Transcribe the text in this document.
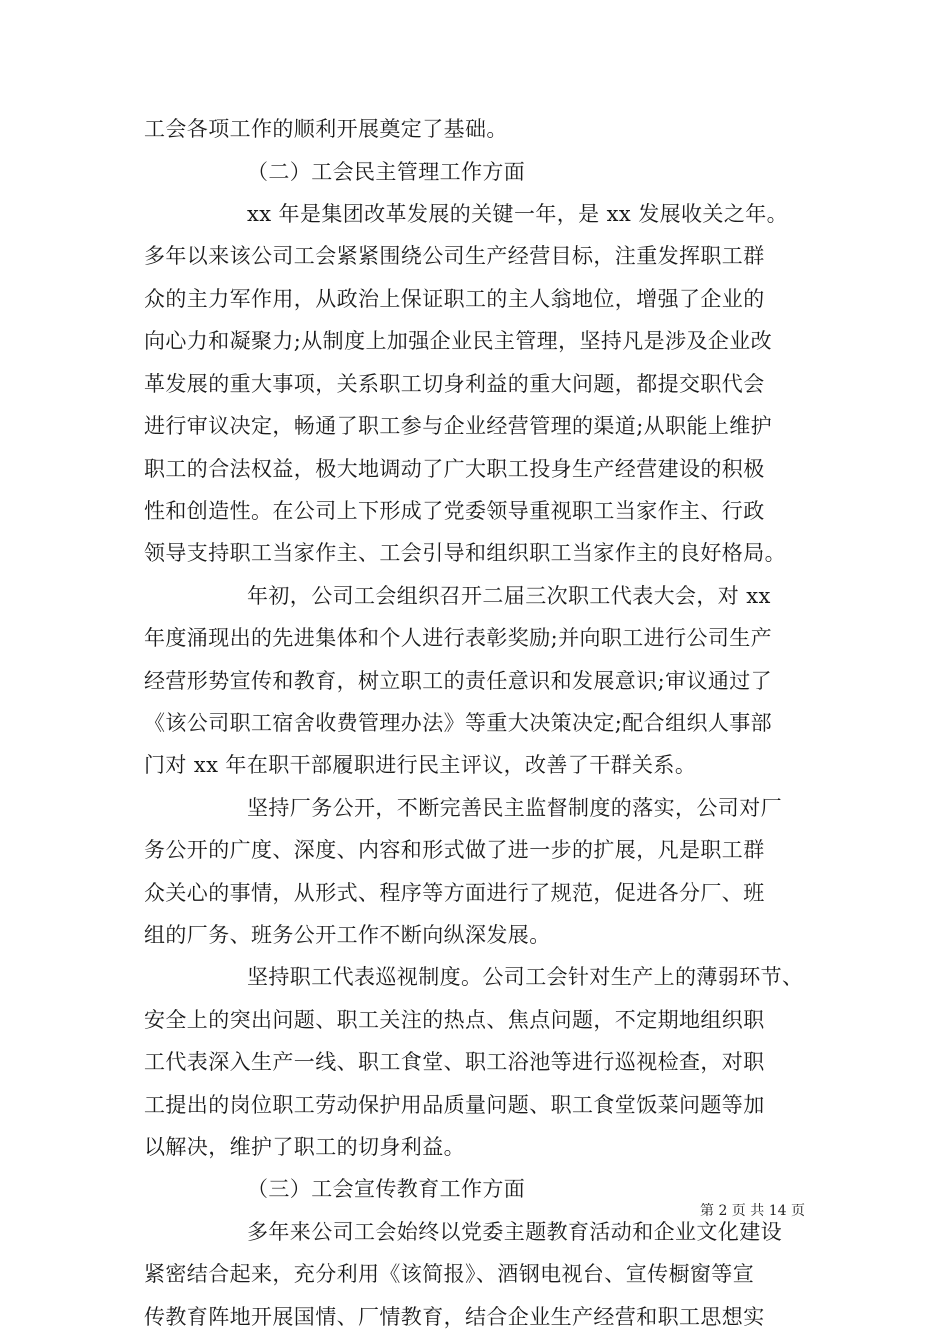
工会各项工作的顺利开展奠定了基础。
（二）工会民主管理工作方面
xx 年是集团改革发展的关键一年，是 xx 发展收关之年。
多年以来该公司工会紧紧围绕公司生产经营目标，注重发挥职工群
众的主力军作用，从政治上保证职工的主人翁地位，增强了企业的
向心力和凝聚力;从制度上加强企业民主管理，坚持凡是涉及企业改
革发展的重大事项，关系职工切身利益的重大问题，都提交职代会
进行审议决定，畅通了职工参与企业经营管理的渠道;从职能上维护
职工的合法权益，极大地调动了广大职工投身生产经营建设的积极
性和创造性。在公司上下形成了党委领导重视职工当家作主、行政
领导支持职工当家作主、工会引导和组织职工当家作主的良好格局。
年初，公司工会组织召开二届三次职工代表大会，对 xx
年度涌现出的先进集体和个人进行表彰奖励;并向职工进行公司生产
经营形势宣传和教育，树立职工的责任意识和发展意识;审议通过了
《该公司职工宿舍收费管理办法》等重大决策决定;配合组织人事部
门对 xx 年在职干部履职进行民主评议，改善了干群关系。
坚持厂务公开，不断完善民主监督制度的落实，公司对厂
务公开的广度、深度、内容和形式做了进一步的扩展，凡是职工群
众关心的事情，从形式、程序等方面进行了规范，促进各分厂、班
组的厂务、班务公开工作不断向纵深发展。
坚持职工代表巡视制度。公司工会针对生产上的薄弱环节、
安全上的突出问题、职工关注的热点、焦点问题，不定期地组织职
工代表深入生产一线、职工食堂、职工浴池等进行巡视检查，对职
工提出的岗位职工劳动保护用品质量问题、职工食堂饭菜问题等加
以解决，维护了职工的切身利益。
（三）工会宣传教育工作方面
多年来公司工会始终以党委主题教育活动和企业文化建设
紧密结合起来，充分利用《该简报》、酒钢电视台、宣传橱窗等宣
传教育阵地开展国情、厂情教育，结合企业生产经营和职工思想实
第 2 页 共 14 页
